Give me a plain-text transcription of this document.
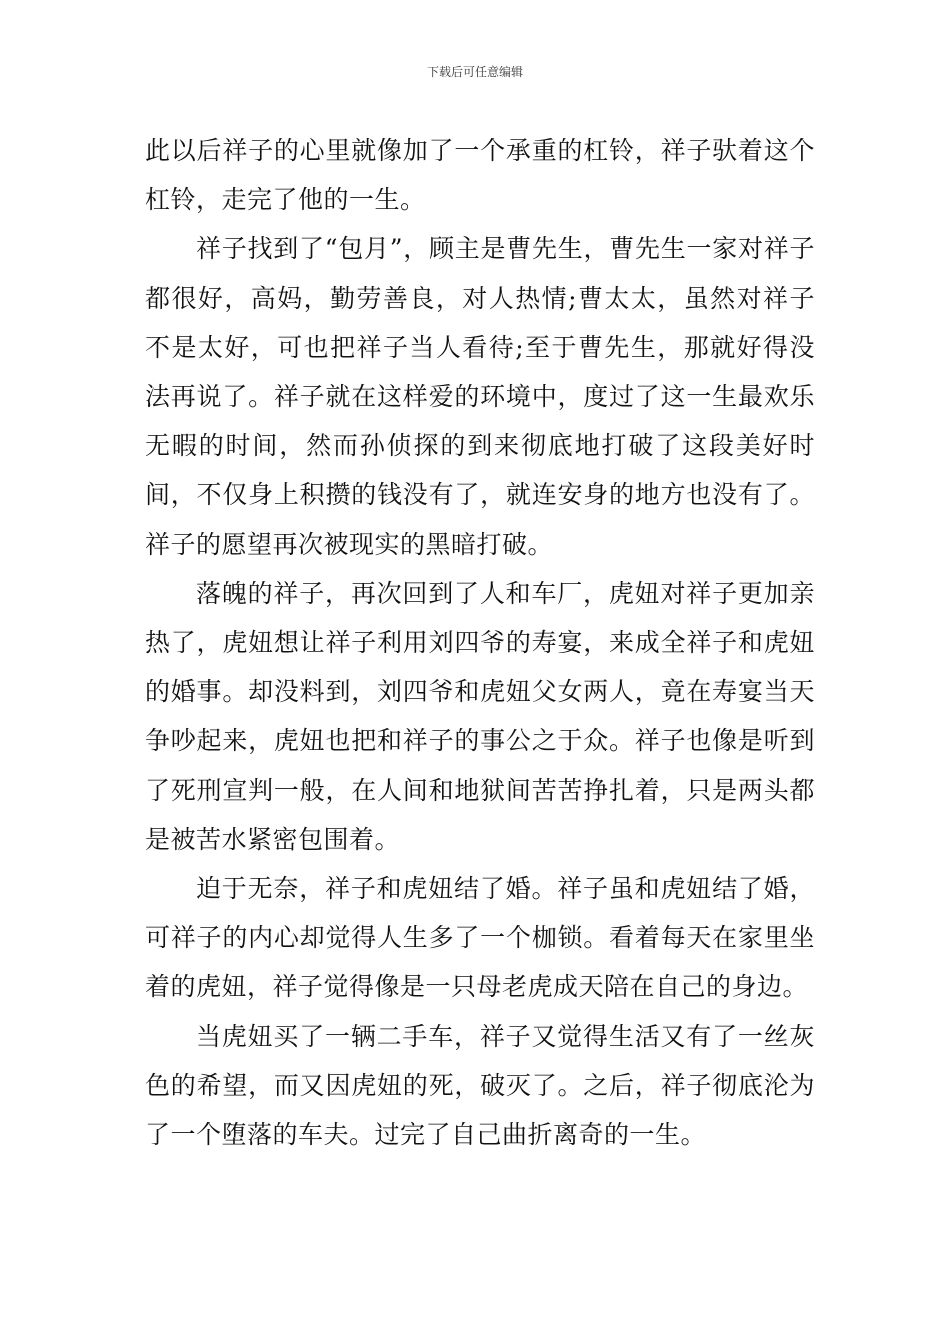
下载后可任意编辑

此以后祥子的心里就像加了一个承重的杠铃，祥子驮着这个杠铃，走完了他的一生。

祥子找到了“包月”，顾主是曹先生，曹先生一家对祥子都很好，高妈，勤劳善良，对人热情;曹太太，虽然对祥子不是太好，可也把祥子当人看待;至于曹先生，那就好得没法再说了。祥子就在这样爱的环境中，度过了这一生最欢乐无暇的时间，然而孙侦探的到来彻底地打破了这段美好时间，不仅身上积攒的钱没有了，就连安身的地方也没有了。祥子的愿望再次被现实的黑暗打破。

落魄的祥子，再次回到了人和车厂，虎妞对祥子更加亲热了，虎妞想让祥子利用刘四爷的寿宴，来成全祥子和虎妞的婚事。却没料到，刘四爷和虎妞父女两人，竟在寿宴当天争吵起来，虎妞也把和祥子的事公之于众。祥子也像是听到了死刑宣判一般，在人间和地狱间苦苦挣扎着，只是两头都是被苦水紧密包围着。

迫于无奈，祥子和虎妞结了婚。祥子虽和虎妞结了婚，可祥子的内心却觉得人生多了一个枷锁。看着每天在家里坐着的虎妞，祥子觉得像是一只母老虎成天陪在自己的身边。

当虎妞买了一辆二手车，祥子又觉得生活又有了一丝灰色的希望，而又因虎妞的死，破灭了。之后，祥子彻底沦为了一个堕落的车夫。过完了自己曲折离奇的一生。
